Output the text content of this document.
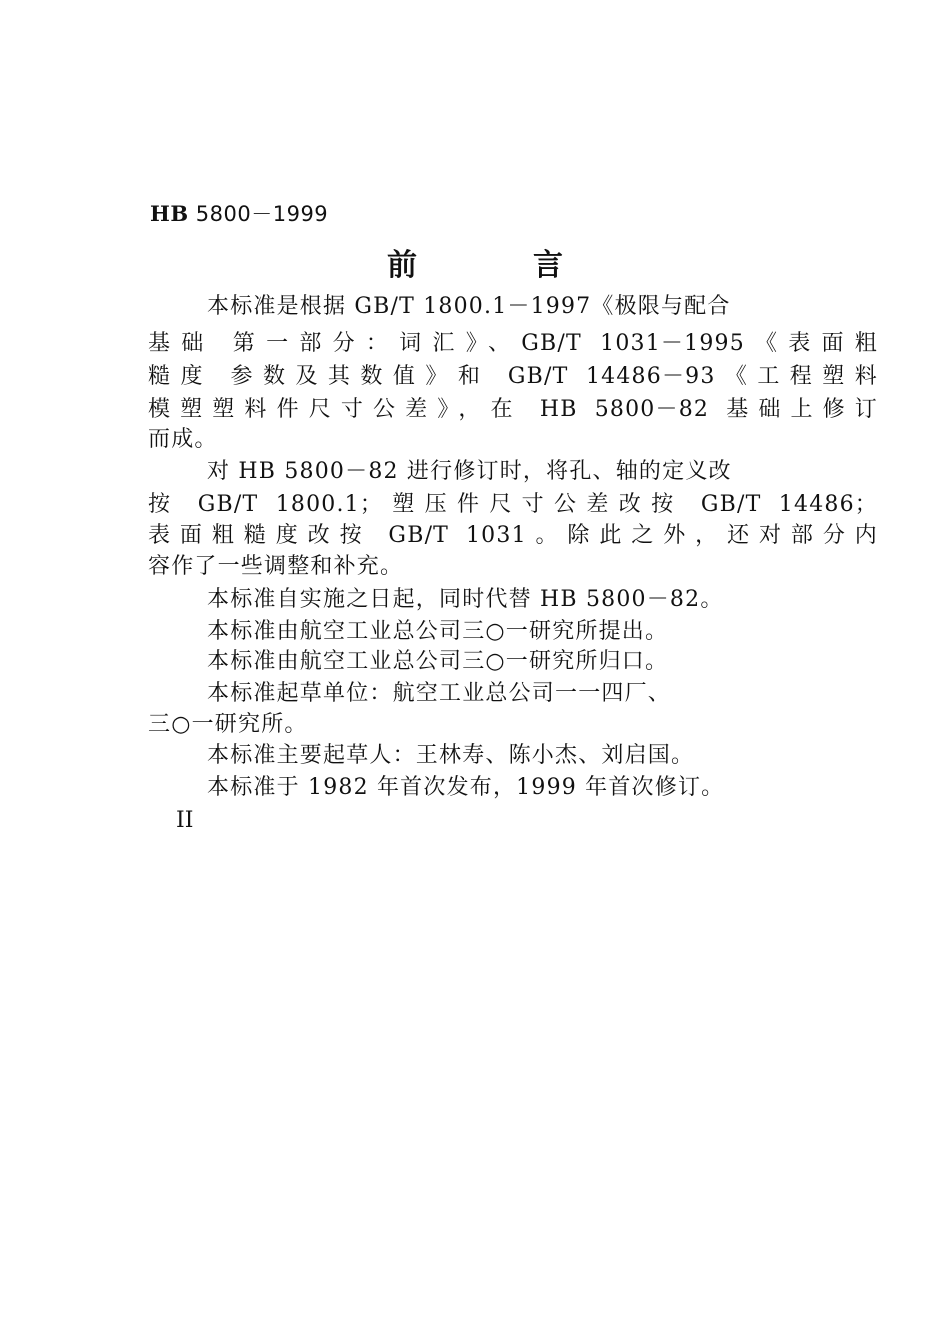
HB 5800－1999
前言
本标准是根据 GB/T 1800.1－1997《极限与配合
基础 第一部分：词汇》、GB/T 1031－1995《表面粗
糙度 参数及其数值》和 GB/T 14486－93《工程塑料
模塑塑料件尺寸公差》，在 HB 5800－82 基础上修订
而成。
对 HB 5800－82 进行修订时，将孔、轴的定义改
按 GB/T 1800.1；塑压件尺寸公差改按 GB/T 14486；
表面粗糙度改按 GB/T 1031。除此之外，还对部分内
容作了一些调整和补充。
本标准自实施之日起，同时代替 HB 5800－82。
本标准由航空工业总公司三○一研究所提出。
本标准由航空工业总公司三○一研究所归口。
本标准起草单位：航空工业总公司一一四厂、
三○一研究所。
本标准主要起草人：王林寿、陈小杰、刘启国。
本标准于 1982 年首次发布，1999 年首次修订。
II
